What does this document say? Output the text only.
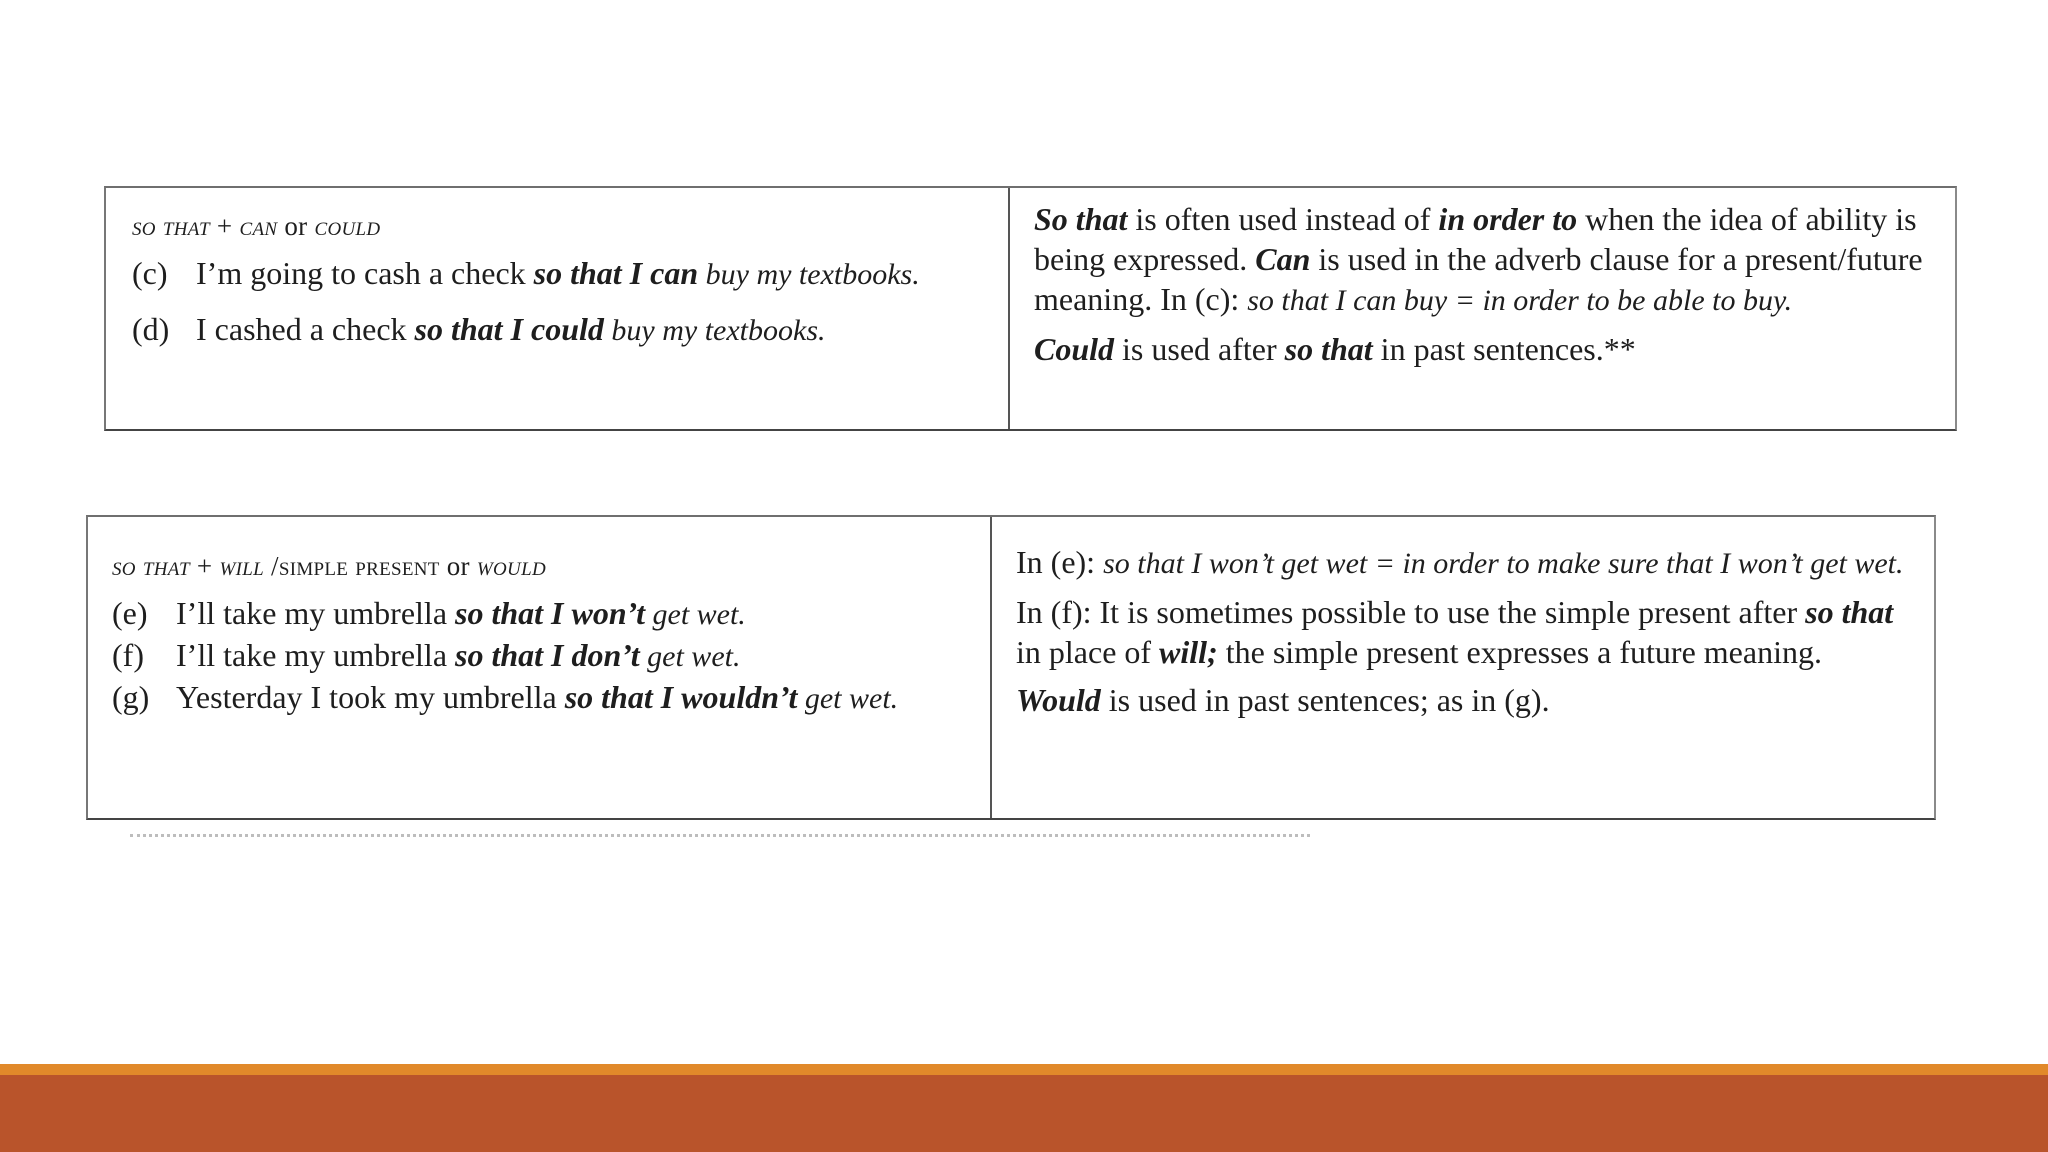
so that + can or could
(c) I’m going to cash a check so that I can buy my textbooks.
(d) I cashed a check so that I could buy my textbooks.

So that is often used instead of in order to when the idea of ability is being expressed. Can is used in the adverb clause for a present/future meaning. In (c): so that I can buy = in order to be able to buy.

Could is used after so that in past sentences.**

so that + will /simple present or would
(e) I’ll take my umbrella so that I won’t get wet.
(f)	I’ll take my umbrella so that I don’t get wet.
(g) Yesterday I took my umbrella so that I wouldn’t get wet.

In (e): so that I won’t get wet = in order to make sure that I won’t get wet.

In (f): It is sometimes possible to use the simple present after so that in place of will; the simple present expresses a future meaning.

Would is used in past sentences; as in (g).
